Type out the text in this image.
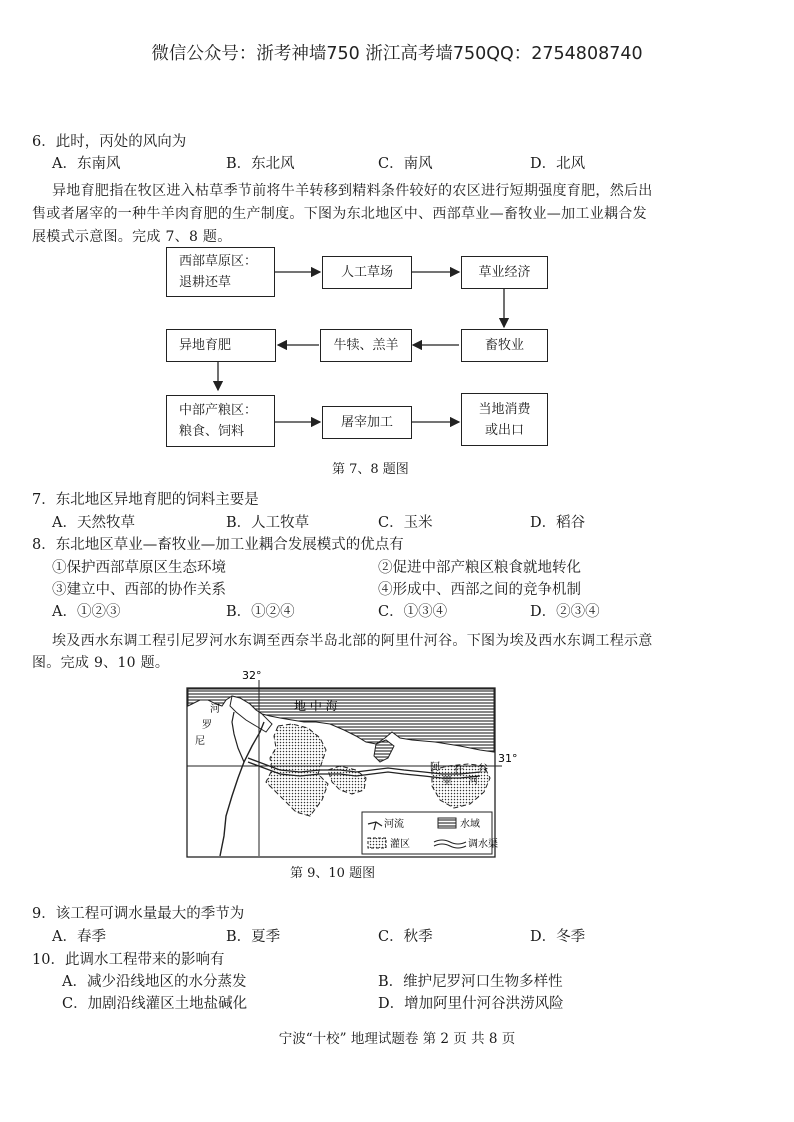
微信公众号：浙考神墙750 浙江高考墙750QQ：2754808740
6．此时，丙处的风向为
A．东南风	B．东北风	C．南风	D．北风
异地育肥指在牧区进入枯草季节前将牛羊转移到精料条件较好的农区进行短期强度育肥，然后出
售或者屠宰的一种牛羊肉育肥的生产制度。下图为东北地区中、西部草业—畜牧业—加工业耦合发
展模式示意图。完成 7、8 题。
西部草原区：
退耕还草
人工草场	草业经济
畜牧业
牛犊、羔羊
异地育肥
中部产粮区：
粮食、饲料
屠宰加工
当地消费
或出口
第 7、8 题图
7．东北地区异地育肥的饲料主要是
A．天然牧草	B．人工牧草	C．玉米	D．稻谷
8．东北地区草业—畜牧业—加工业耦合发展模式的优点有
①保护西部草原区生态环境	②促进中部产粮区粮食就地转化
③建立中、西部的协作关系	④形成中、西部之间的竞争机制
A．①②③	B．①②④	C．①③④	D．②③④
埃及西水东调工程引尼罗河水东调至西奈半岛北部的阿里什河谷。下图为埃及西水东调工程示意
图。完成 9、10 题。
32°
31°
地 中 海
河
罗
尼
阿
里
什
河
谷
河流	水域
灌区	调水渠
第 9、10 题图
9．该工程可调水量最大的季节为
A．春季	B．夏季	C．秋季	D．冬季
10．此调水工程带来的影响有
A．减少沿线地区的水分蒸发	B．维护尼罗河口生物多样性
C．加剧沿线灌区土地盐碱化	D．增加阿里什河谷洪涝风险
宁波“十校” 地理试题卷 第 2 页 共 8 页
